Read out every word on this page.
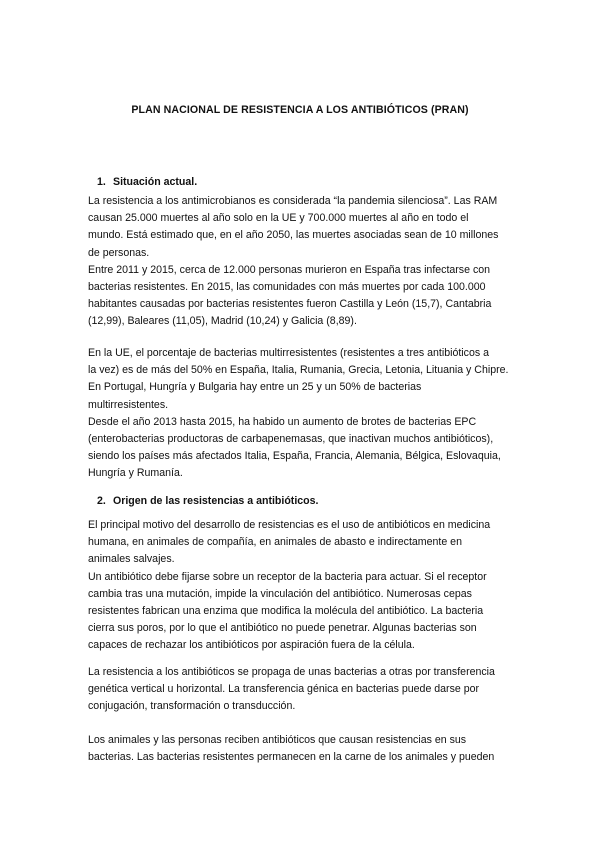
PLAN NACIONAL DE RESISTENCIA A LOS ANTIBIÓTICOS (PRAN)
1. Situación actual.

La resistencia a los antimicrobianos es considerada “la pandemia silenciosa”. Las RAM
causan 25.000 muertes al año solo en la UE y 700.000 muertes al año en todo el
mundo. Está estimado que, en el año 2050, las muertes asociadas sean de 10 millones
de personas.
Entre 2011 y 2015, cerca de 12.000 personas murieron en España tras infectarse con
bacterias resistentes. En 2015, las comunidades con más muertes por cada 100.000
habitantes causadas por bacterias resistentes fueron Castilla y León (15,7), Cantabria
(12,99), Baleares (11,05), Madrid (10,24) y Galicia (8,89).

En la UE, el porcentaje de bacterias multirresistentes (resistentes a tres antibióticos a
la vez) es de más del 50% en España, Italia, Rumania, Grecia, Letonia, Lituania y Chipre.
En Portugal, Hungría y Bulgaria hay entre un 25 y un 50% de bacterias
multirresistentes.
Desde el año 2013 hasta 2015, ha habido un aumento de brotes de bacterias EPC
(enterobacterias productoras de carbapenemasas, que inactivan muchos antibióticos),
siendo los países más afectados Italia, España, Francia, Alemania, Bélgica, Eslovaquia,
Hungría y Rumanía.

2. Origen de las resistencias a antibióticos.

El principal motivo del desarrollo de resistencias es el uso de antibióticos en medicina
humana, en animales de compañía, en animales de abasto e indirectamente en
animales salvajes.
Un antibiótico debe fijarse sobre un receptor de la bacteria para actuar. Si el receptor
cambia tras una mutación, impide la vinculación del antibiótico. Numerosas cepas
resistentes fabrican una enzima que modifica la molécula del antibiótico. La bacteria
cierra sus poros, por lo que el antibiótico no puede penetrar. Algunas bacterias son
capaces de rechazar los antibióticos por aspiración fuera de la célula.

La resistencia a los antibióticos se propaga de unas bacterias a otras por transferencia
genética vertical u horizontal. La transferencia génica en bacterias puede darse por
conjugación, transformación o transducción.

Los animales y las personas reciben antibióticos que causan resistencias en sus
bacterias. Las bacterias resistentes permanecen en la carne de los animales y pueden
